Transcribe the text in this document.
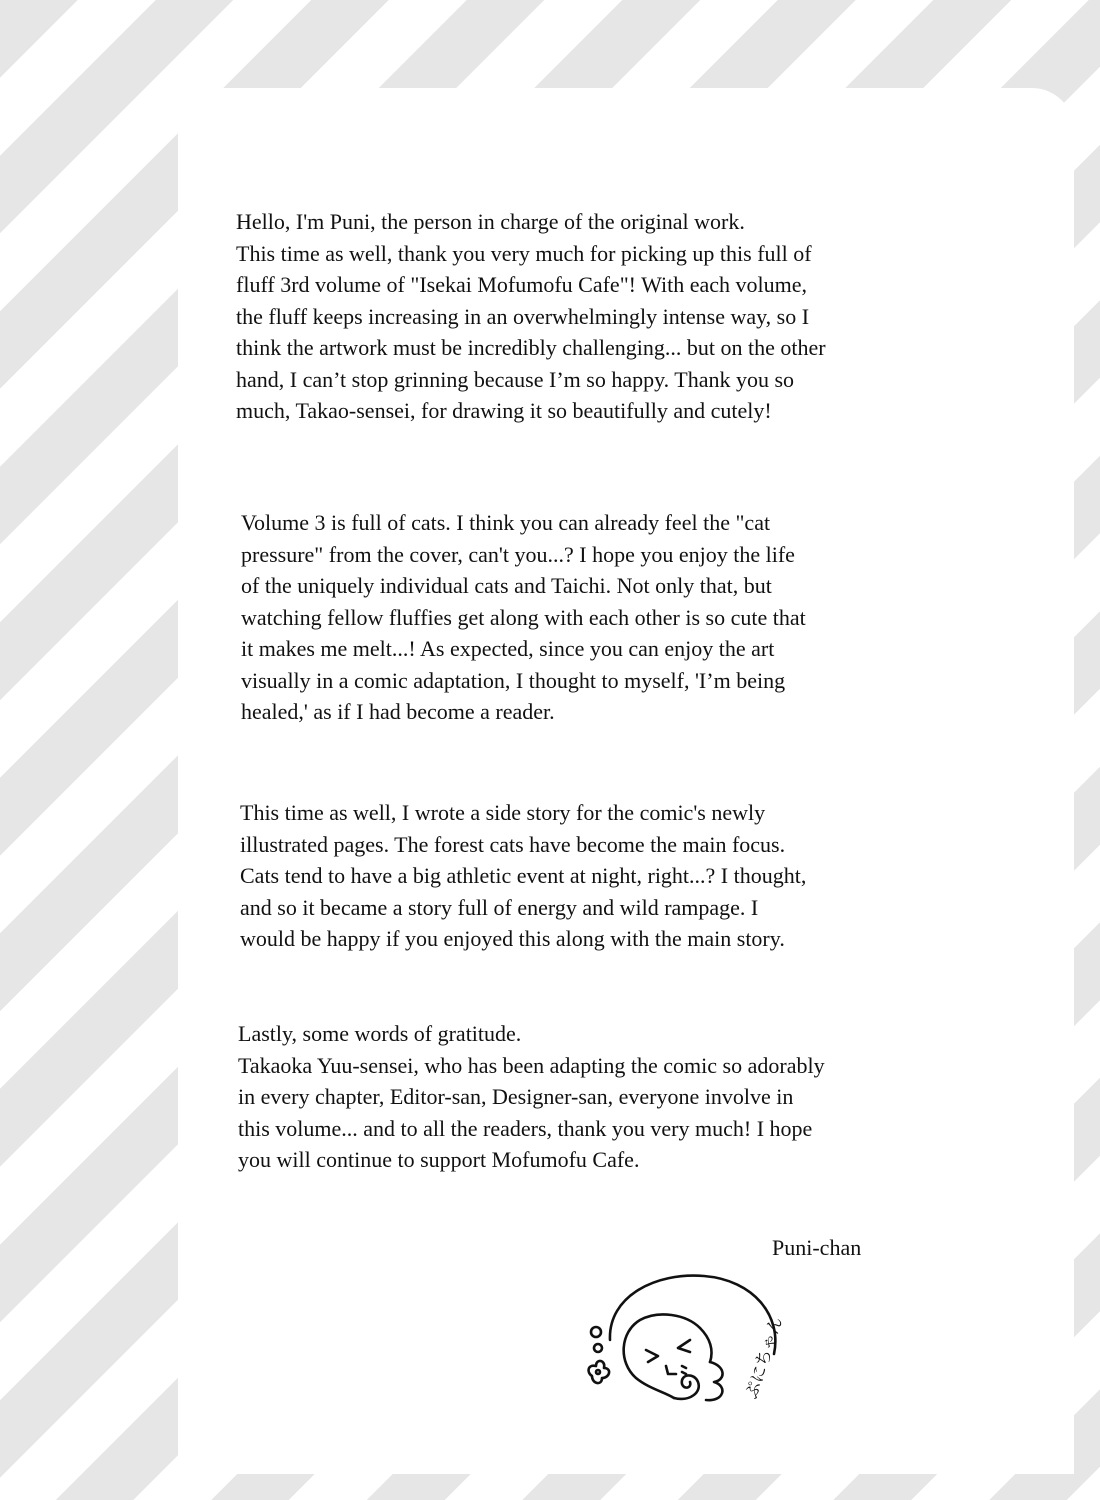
Hello, I'm Puni, the person in charge of the original work.
This time as well, thank you very much for picking up this full of
fluff 3rd volume of "Isekai Mofumofu Cafe"! With each volume,
the fluff keeps increasing in an overwhelmingly intense way, so I
think the artwork must be incredibly challenging... but on the other
hand, I can’t stop grinning because I’m so happy. Thank you so
much, Takao-sensei, for drawing it so beautifully and cutely!

Volume 3 is full of cats. I think you can already feel the "cat
pressure" from the cover, can't you...? I hope you enjoy the life
of the uniquely individual cats and Taichi. Not only that, but
watching fellow fluffies get along with each other is so cute that
it makes me melt...! As expected, since you can enjoy the art
visually in a comic adaptation, I thought to myself, 'I’m being
healed,' as if I had become a reader.

This time as well, I wrote a side story for the comic's newly
illustrated pages. The forest cats have become the main focus.
Cats tend to have a big athletic event at night, right...? I thought,
and so it became a story full of energy and wild rampage. I
would be happy if you enjoyed this along with the main story.

Lastly, some words of gratitude.
Takaoka Yuu-sensei, who has been adapting the comic so adorably
in every chapter, Editor-san, Designer-san, everyone involve in
this volume... and to all the readers, thank you very much! I hope
you will continue to support Mofumofu Cafe.

Puni-chan
ぷにちゃん
